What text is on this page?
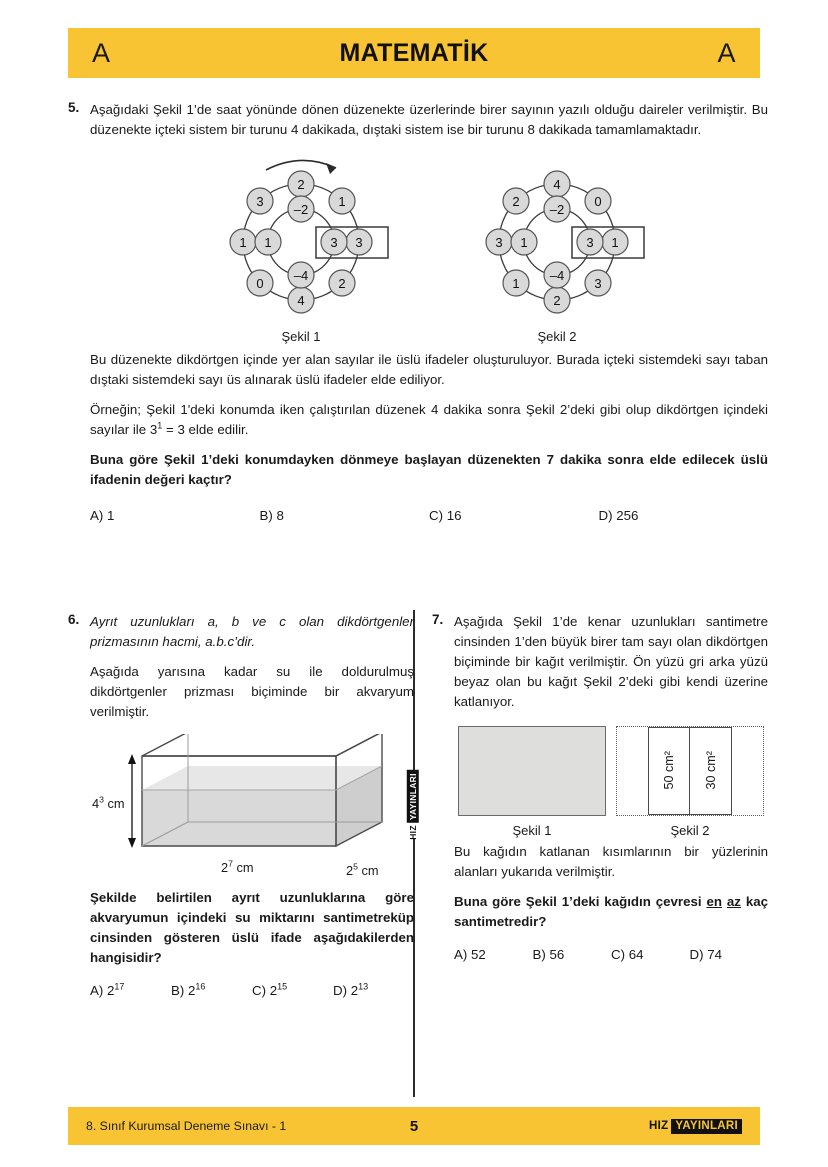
A	MATEMATİK	A
5. Aşağıdaki Şekil 1’de saat yönünde dönen düzenekte üzerlerinde birer sayının yazılı olduğu daireler verilmiştir. Bu düzenekte içteki sistem bir turunu 4 dakikada, dıştaki sistem ise bir turunu 8 dakikada tamamlamaktadır.

2
1
3
2
4
0
1
3
–2
3
–4
1
Şekil 1
4
0
1
3
2
1
3
2
–2
3
–4
1
Şekil 2

Bu düzenekte dikdörtgen içinde yer alan sayılar ile üslü ifadeler oluşturuluyor. Burada içteki sistemdeki sayı taban dıştaki sistemdeki sayı üs alınarak üslü ifadeler elde ediliyor.

Örneğin; Şekil 1'deki konumda iken çalıştırılan düzenek 4 dakika sonra Şekil 2’deki gibi olup dikdörtgen içindeki sayılar ile $3^1 = 3$ elde edilir.

Buna göre Şekil 1’deki konumdayken dönmeye başlayan düzenekten 7 dakika sonra elde edilecek üslü ifadenin değeri kaçtır?

A) 1	B) 8	C) 16	D) 256
HIZ
YAYINLARI
6. Ayrıt uzunlukları a, b ve c olan dikdörtgenler prizmasının hacmi, a.b.c’dir.

Aşağıda yarısına kadar su ile doldurulmuş dikdörtgenler prizması biçiminde bir akvaryum verilmiştir.

$4^3$ cm
$2^7$ cm	$2^5$ cm

Şekilde belirtilen ayrıt uzunluklarına göre akvaryumun içindeki su miktarını santimetreküp cinsinden gösteren üslü ifade aşağıdakilerden hangisidir?

A) $2^{17}$	B) $2^{16}$	C) $2^{15}$	D) $2^{13}$
7. Aşağıda Şekil 1’de kenar uzunlukları santimetre cinsinden 1’den büyük birer tam sayı olan dikdörtgen biçiminde bir kağıt verilmiştir. Ön yüzü gri arka yüzü beyaz olan bu kağıt Şekil 2’deki gibi kendi üzerine katlanıyor.

Şekil 1
50 cm² 30 cm²
Şekil 2

Bu kağıdın katlanan kısımlarının bir yüzlerinin alanları yukarıda verilmiştir.

Buna göre Şekil 1’deki kağıdın çevresi en az kaç santimetredir?

A) 52	B) 56	C) 64	D) 74
8. Sınıf Kurumsal Deneme Sınavı - 1	5	HIZ YAYINLARI
